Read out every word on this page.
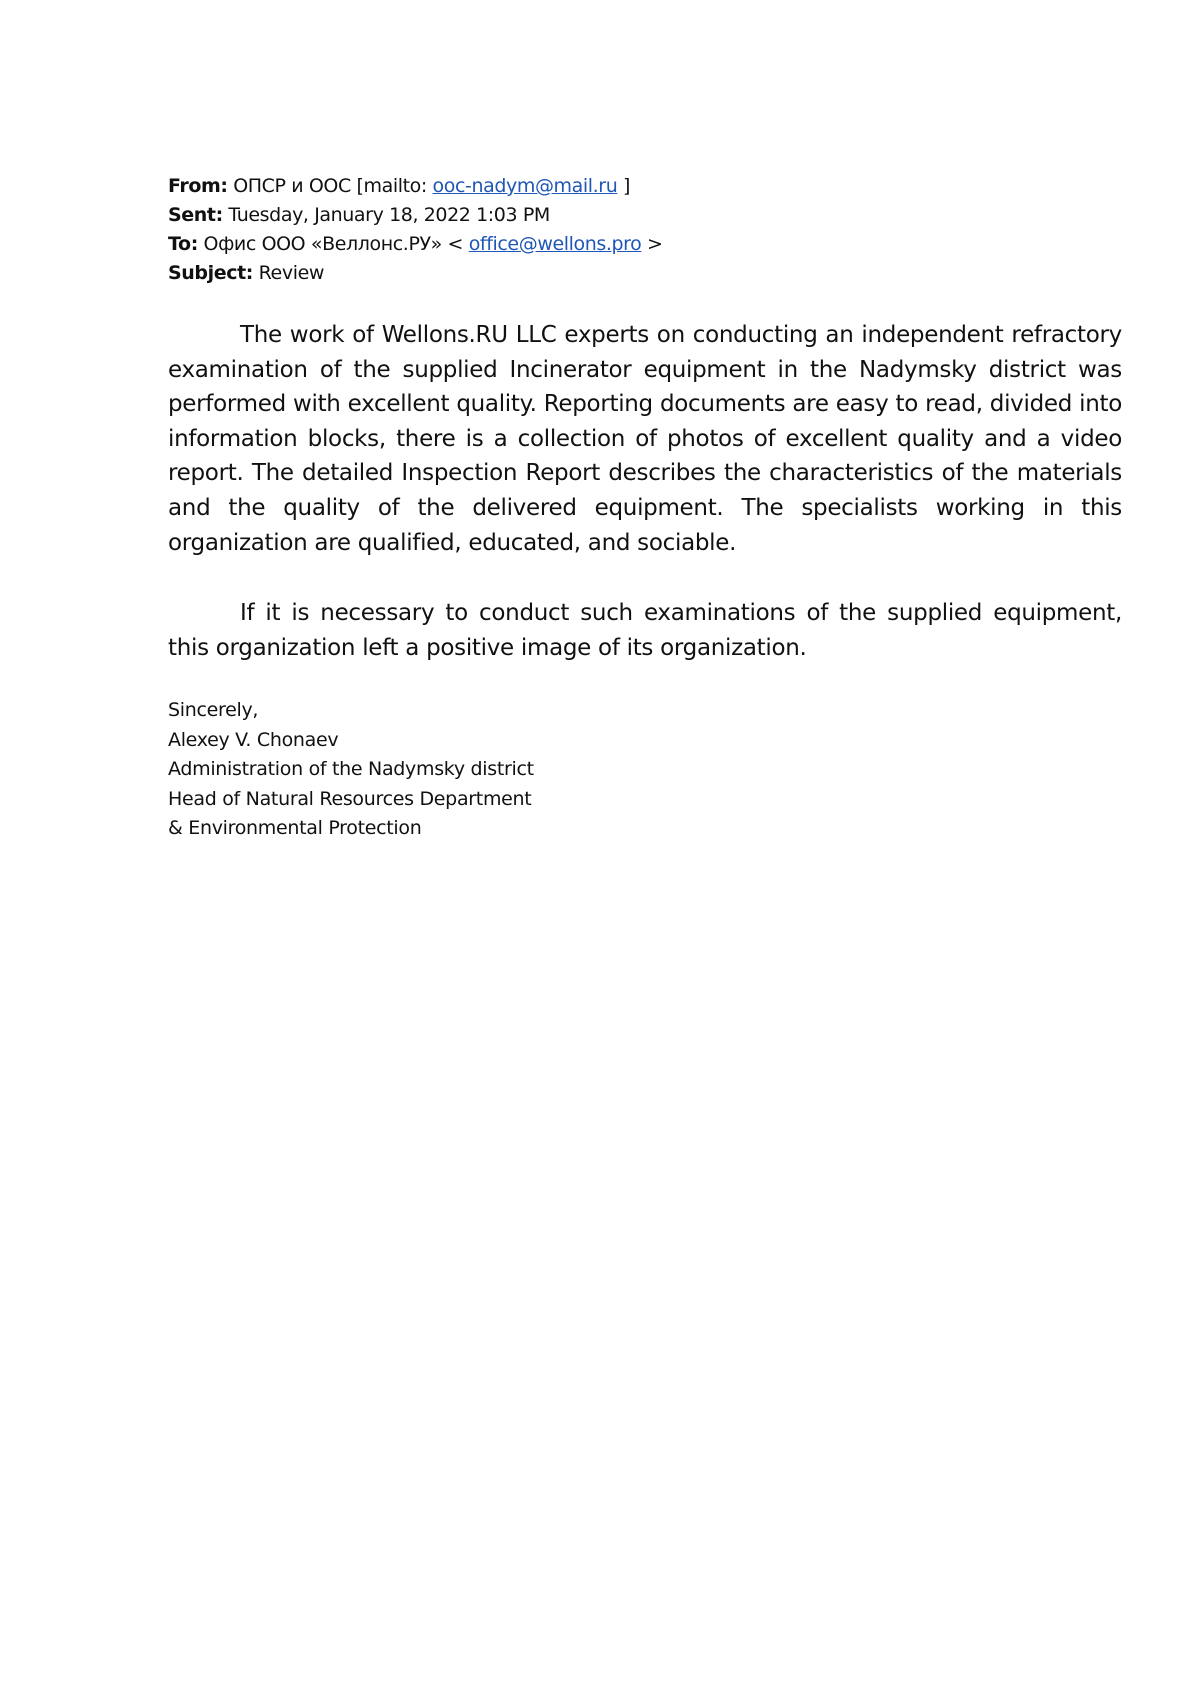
From: ОПСР и ООС [mailto: ooc-nadym@mail.ru ]
Sent: Tuesday, January 18, 2022 1:03 PM
To: Офис ООО «Веллонс.РУ» < office@wellons.pro >
Subject: Review

The work of Wellons.RU LLC experts on conducting an independent refractory examination of the supplied Incinerator equipment in the Nadymsky district was performed with excellent quality. Reporting documents are easy to read, divided into information blocks, there is a collection of photos of excellent quality and a video report. The detailed Inspection Report describes the characteristics of the materials and the quality of the delivered equipment. The specialists working in this organization are qualified, educated, and sociable.

If it is necessary to conduct such examinations of the supplied equipment, this organization left a positive image of its organization.

Sincerely,
Alexey V. Chonaev
Administration of the Nadymsky district
Head of Natural Resources Department
& Environmental Protection
